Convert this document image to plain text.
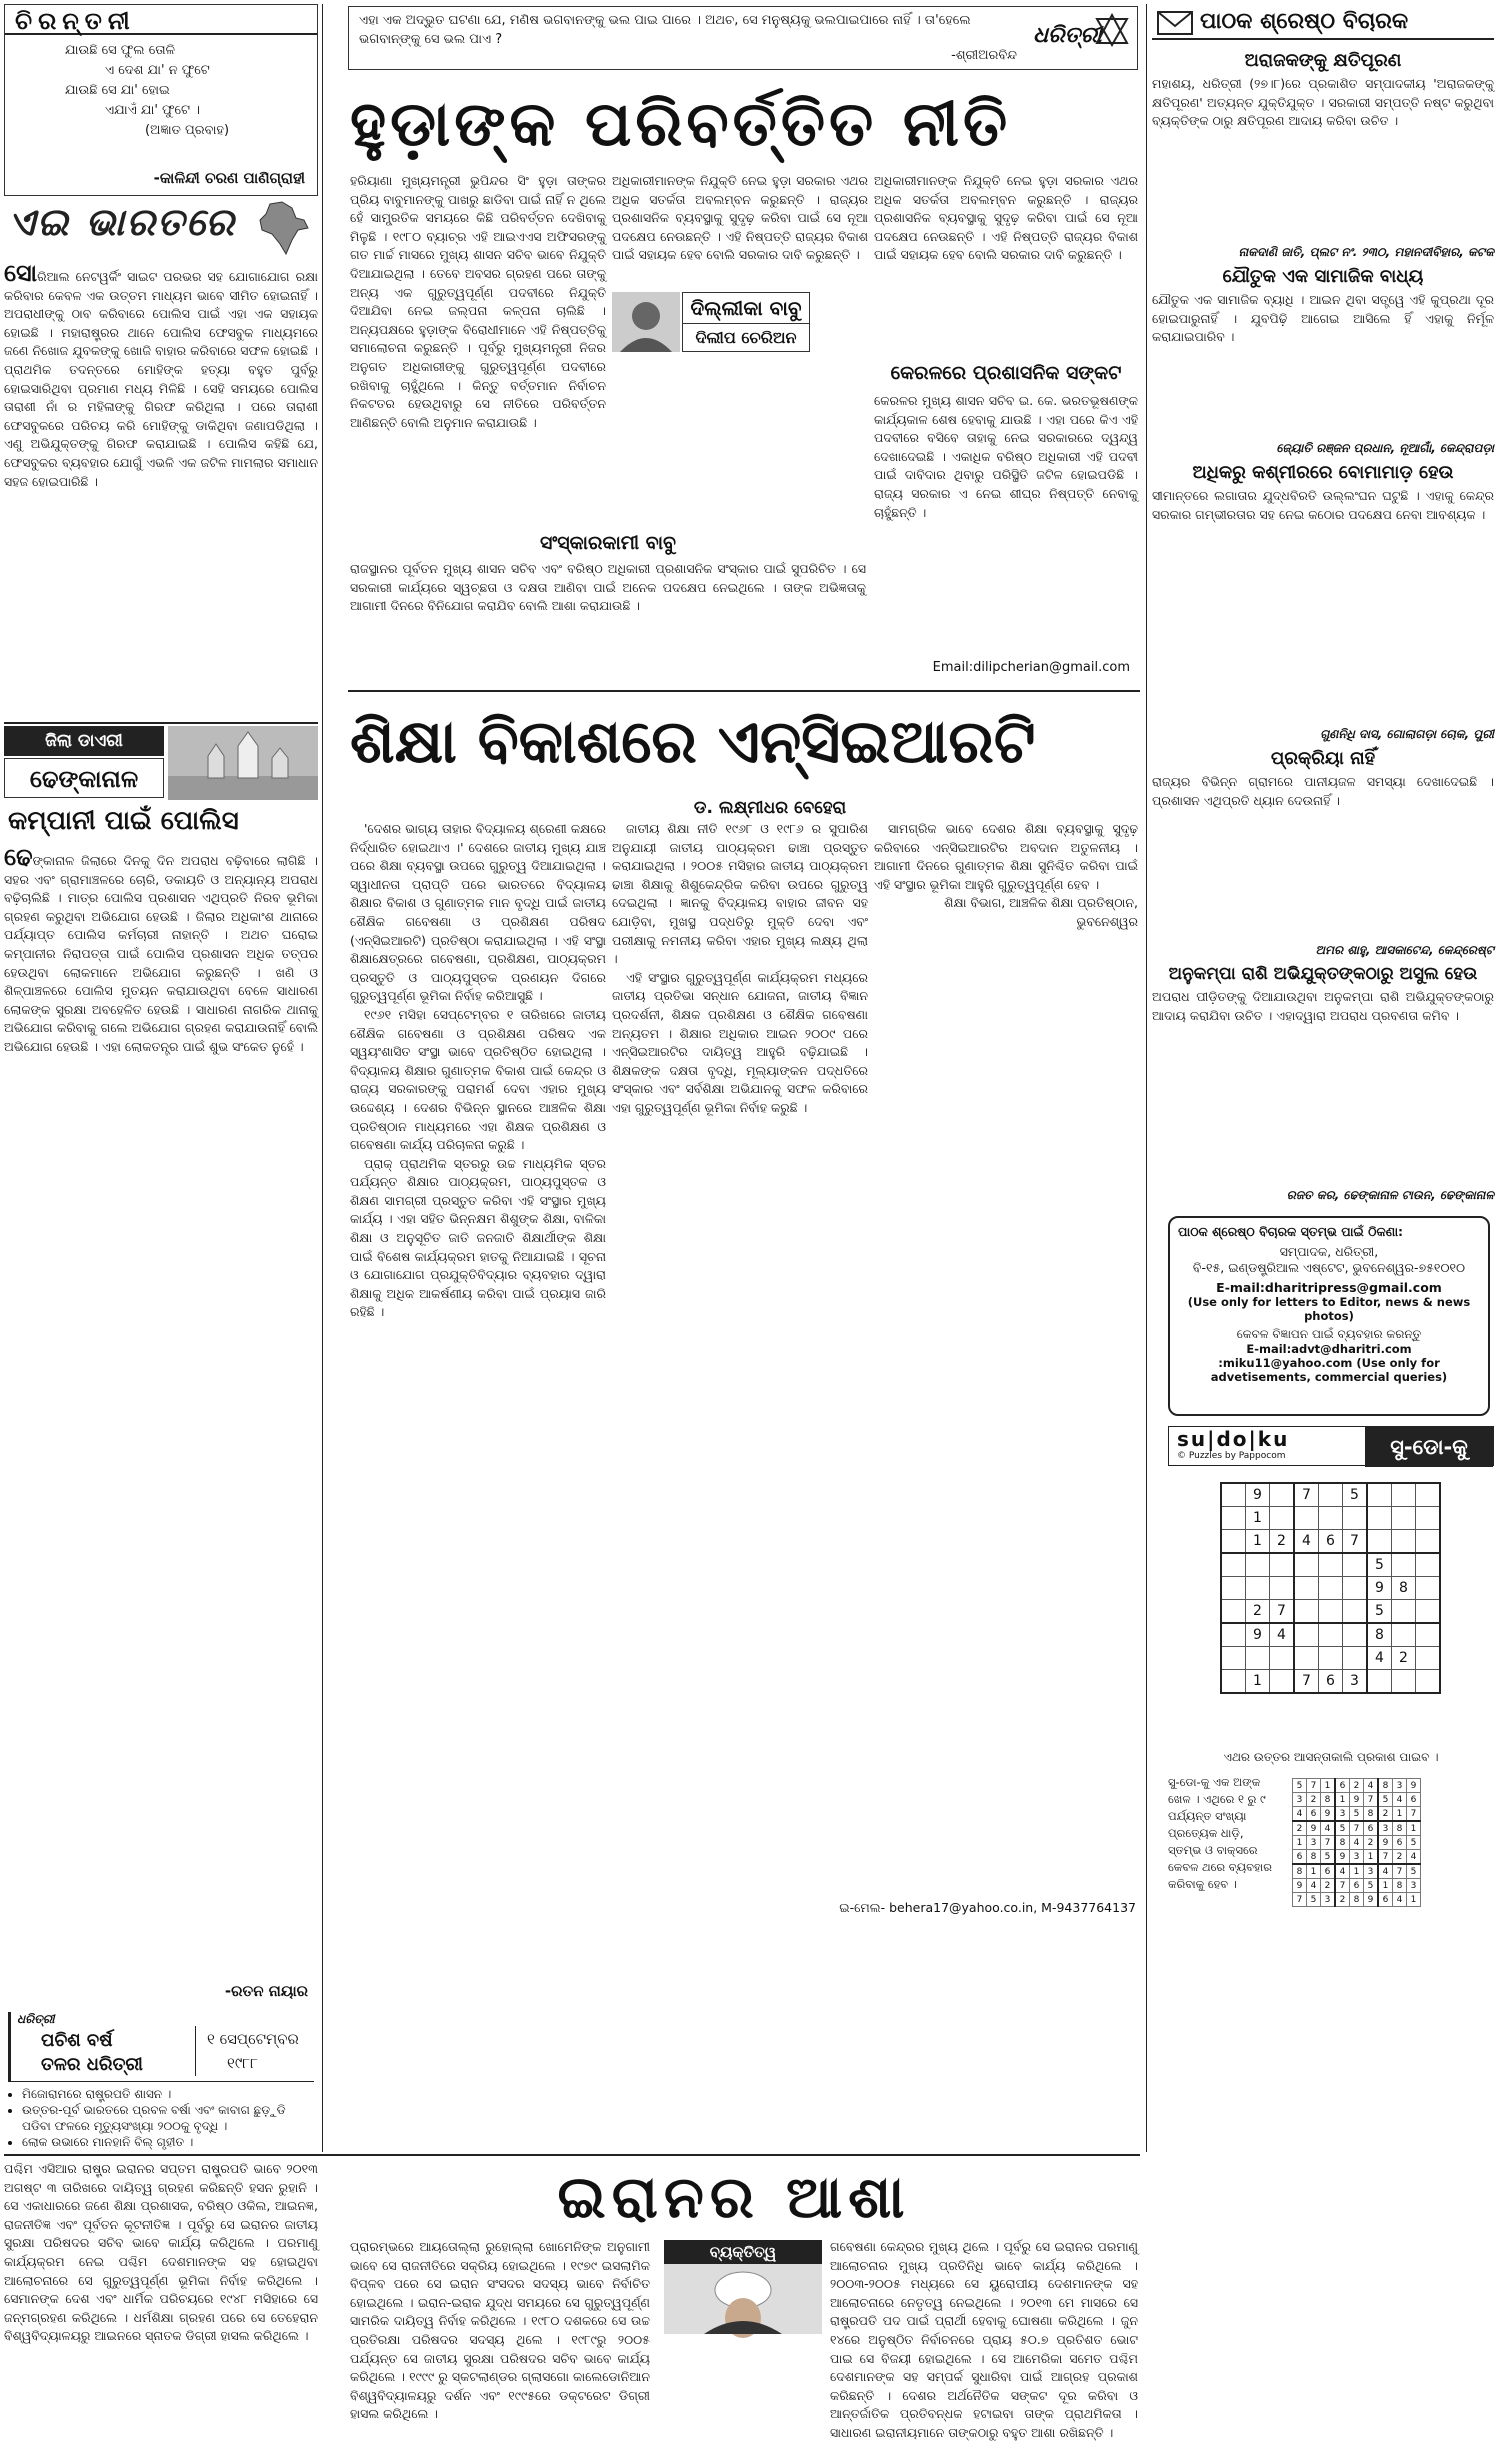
ଚିରନ୍ତନୀ
ଯାଉଛି ସେ ଫୁଲ ତୋଳି
ଏ ଦେଶ ଯା' ନ ଫୁଟେ
ଯାଉଛି ସେ ଯା' ହୋଇ
ଏଯାଏଁ ଯା' ଫୁଟେ ।
(ଅଜ୍ଞାତ ପ୍ରବାହ)
-କାଳିନ୍ଦୀ ଚରଣ ପାଣିଗ୍ରାହୀ
ଏଇ ଭାରତରେ
ସୋରିଆଲ ନେଟୱର୍କିଂ ସାଇଟ ପରଭର ସହ ଯୋଗାଯୋଗ ରକ୍ଷା କରିବାର କେବଳ ଏକ ଉତ୍ତମ ମାଧ୍ୟମ ଭାବେ ସୀମିତ ହୋଇନାହିଁ । ଅପରାଧୀଙ୍କୁ ଠାବ କରିବାରେ ପୋଲିସ ପାଇଁ ଏହା ଏକ ସହାୟକ ହୋଇଛି । ମହାରାଷ୍ଟ୍ରର ଥାନେ ପୋଲିସ ଫେସବୁକ ମାଧ୍ୟମରେ ଜଣେ ନିଖୋଜ ଯୁବକଙ୍କୁ ଖୋଜି ବାହାର କରିବାରେ ସଫଳ ହୋଇଛି । ପ୍ରାଥମିକ ତଦନ୍ତରେ ମୋହିଙ୍କ ହତ୍ୟା ବହୁତ ପୁର୍ବରୁ ହୋଇସାରିଥିବା ପ୍ରମାଣ ମଧ୍ୟ ମିଳିଛି । ସେହି ସମୟରେ ପୋଲିସ ତାରାଶୀ ନାଁ ର ମହିଳାଙ୍କୁ ଗିରଫ କରିଥିଲା । ପରେ ତାରାଶୀ ଫେସବୁକରେ ପରିଚୟ କରି ମୋହିଙ୍କୁ ଡାକିଥିବା ଜଣାପଡିଥିଲା । ଏଣୁ ଅଭିଯୁକ୍ତଙ୍କୁ ଗିରଫ କରାଯାଇଛି । ପୋଲିସ କହିଛି ଯେ, ଫେସବୁକର ବ୍ୟବହାର ଯୋଗୁଁ ଏଭଳି ଏକ ଜଟିଳ ମାମଲାର ସମାଧାନ ସହଜ ହୋଇପାରିଛି ।
ଜିଲା ଡାଏରୀ
ଢେଙ୍କାନାଳ
କମ୍ପାନୀ ପାଇଁ ପୋଲିସ
ଢେଙ୍କାନାଳ ଜିଲାରେ ଦିନକୁ ଦିନ ଅପରାଧ ବଢ଼ିବାରେ ଲାଗିଛି । ସହର ଏବଂ ଗ୍ରାମାଞ୍ଚଳରେ ଚୋରି, ଡକାୟତି ଓ ଅନ୍ୟାନ୍ୟ ଅପରାଧ ବଢ଼ିଚାଲିଛି । ମାତ୍ର ପୋଲିସ ପ୍ରଶାସନ ଏଥିପ୍ରତି ନିରବ ଭୂମିକା ଗ୍ରହଣ କରୁଥିବା ଅଭିଯୋଗ ହେଉଛି । ଜିଲାର ଅଧିକାଂଶ ଥାନାରେ ପର୍ଯ୍ୟାପ୍ତ ପୋଲିସ କର୍ମଚାରୀ ନାହାନ୍ତି । ଅଥଚ ଘରୋଇ କମ୍ପାନୀର ନିରାପତ୍ତା ପାଇଁ ପୋଲିସ ପ୍ରଶାସନ ଅଧିକ ତତ୍ପର ହେଉଥିବା ଲୋକମାନେ ଅଭିଯୋଗ କରୁଛନ୍ତି । ଖଣି ଓ ଶିଳ୍ପାଞ୍ଚଳରେ ପୋଲିସ ମୁତୟନ କରାଯାଉଥିବା ବେଳେ ସାଧାରଣ ଲୋକଙ୍କ ସୁରକ୍ଷା ଅବହେଳିତ ହେଉଛି । ସାଧାରଣ ନାଗରିକ ଥାନାକୁ ଅଭିଯୋଗ କରିବାକୁ ଗଲେ ଅଭିଯୋଗ ଗ୍ରହଣ କରାଯାଉନାହିଁ ବୋଲି ଅଭିଯୋଗ ହେଉଛି । ଏହା ଲୋକତନ୍ତ୍ର ପାଇଁ ଶୁଭ ସଂକେତ ନୁହେଁ ।
-ରତନ ନାୟାର
ଧରିତ୍ରୀ
ପଚିଶ ବର୍ଷ
ତଳର ଧରିତ୍ରୀ
୧ ସେପ୍ଟେମ୍ବର
୧୯୮୮
• ମିଜୋରାମରେ ରାଷ୍ଟ୍ରପତି ଶାସନ ।
• ଉତ୍ତର-ପୂର୍ବ ଭାରତରେ ପ୍ରବଳ ବର୍ଷା ଏବଂ କାବାଗ ଛୁଡ଼ୁଡି ପଡିବା ଫଳରେ ମୃତ୍ୟୁସଂଖ୍ୟା ୨୦୦କୁ ବୃଦ୍ଧି ।
• ଲୋକ ଉଭାରେ ମାନହାନି ବିଲ୍ ଗୃହୀତ ।
ଏହା ଏକ ଅଦ୍ଭୁତ ଘଟଣା ଯେ, ମଣିଷ ଭଗବାନଙ୍କୁ ଭଲ ପାଇ ପାରେ । ଅଥଚ, ସେ ମନୁଷ୍ୟକୁ ଭଲପାଇପାରେ ନାହିଁ । ତା'ହେଲେ ଭଗବାନ୍‌ଙ୍କୁ ସେ ଭଲ ପାଏ ?
-ଶ୍ରୀଅରବିନ୍ଦ
ଧରିତ୍ରୀ
ହୁଡ଼ାଙ୍କ ପରିବର୍ତ୍ତିତ ନୀତି
ହରିୟାଣା ମୁଖ୍ୟମନ୍ତ୍ରୀ ଭୁପିନ୍ଦର ସିଂ ହୁଡ଼ା ତାଙ୍କର ପ୍ରିୟ ବାବୁମାନଙ୍କୁ ପାଖରୁ ଛାଡିବା ପାଇଁ ନାହିଁ ନ ଥିଲେ ହେଁ ସାମ୍ପ୍ରତିକ ସମୟରେ କିଛି ପରିବର୍ତ୍ତନ ଦେଖିବାକୁ ମିଳୁଛି । ୧୯୮୦ ବ୍ୟାଚ୍‌ର ଏହି ଆଇଏଏସ ଅଫିସରଙ୍କୁ ଗତ ମାର୍ଚ୍ଚ ମାସରେ ମୁଖ୍ୟ ଶାସନ ସଚିବ ଭାବେ ନିଯୁକ୍ତି ଦିଆଯାଇଥିଲା । ତେବେ ଅବସର ଗ୍ରହଣ ପରେ ତାଙ୍କୁ ଅନ୍ୟ ଏକ ଗୁରୁତ୍ୱପୂର୍ଣ୍ଣ ପଦବୀରେ ନିଯୁକ୍ତି ଦିଆଯିବା ନେଇ ଜଲ୍ପନା କଳ୍ପନା ଚାଲିଛି । ଅନ୍ୟପକ୍ଷରେ ହୁଡ଼ାଙ୍କ ବିରୋଧୀମାନେ ଏହି ନିଷ୍ପତ୍ତିକୁ ସମାଲୋଚନା କରୁଛନ୍ତି । ପୂର୍ବରୁ ମୁଖ୍ୟମନ୍ତ୍ରୀ ନିଜର ଅନୁଗତ ଅଧିକାରୀଙ୍କୁ ଗୁରୁତ୍ୱପୂର୍ଣ୍ଣ ପଦବୀରେ ରଖିବାକୁ ଚାହୁଁଥିଲେ । କିନ୍ତୁ ବର୍ତ୍ତମାନ ନିର୍ବାଚନ ନିକଟତର ହେଉଥିବାରୁ ସେ ନୀତିରେ ପରିବର୍ତ୍ତନ ଆଣିଛନ୍ତି ବୋଲି ଅନୁମାନ କରାଯାଉଛି ।
ଦିଲ୍ଲୀକା ବାବୁ
ଦିଲୀପ ଚେରିଅନ
ଅଧିକାରୀମାନଙ୍କ ନିଯୁକ୍ତି ନେଇ ହୁଡ଼ା ସରକାର ଏଥର ଅଧିକ ସତର୍କତା ଅବଲମ୍ବନ କରୁଛନ୍ତି । ରାଜ୍ୟର ପ୍ରଶାସନିକ ବ୍ୟବସ୍ଥାକୁ ସୁଦୃଢ଼ କରିବା ପାଇଁ ସେ ନୂଆ ପଦକ୍ଷେପ ନେଉଛନ୍ତି । ଏହି ନିଷ୍ପତ୍ତି ରାଜ୍ୟର ବିକାଶ ପାଇଁ ସହାୟକ ହେବ ବୋଲି ସରକାର ଦାବି କରୁଛନ୍ତି ।
ସଂସ୍କାରକାମୀ ବାବୁ
ରାଜସ୍ଥାନର ପୂର୍ବତନ ମୁଖ୍ୟ ଶାସନ ସଚିବ ଏବଂ ବରିଷ୍ଠ ଅଧିକାରୀ ପ୍ରଶାସନିକ ସଂସ୍କାର ପାଇଁ ସୁପରିଚିତ । ସେ ସରକାରୀ କାର୍ଯ୍ୟରେ ସ୍ୱଚ୍ଛତା ଓ ଦକ୍ଷତା ଆଣିବା ପାଇଁ ଅନେକ ପଦକ୍ଷେପ ନେଇଥିଲେ । ତାଙ୍କ ଅଭିଜ୍ଞତାକୁ ଆଗାମୀ ଦିନରେ ବିନିଯୋଗ କରାଯିବ ବୋଲି ଆଶା କରାଯାଉଛି ।
ଅଧିକାରୀମାନଙ୍କ ନିଯୁକ୍ତି ନେଇ ହୁଡ଼ା ସରକାର ଏଥର ଅଧିକ ସତର୍କତା ଅବଲମ୍ବନ କରୁଛନ୍ତି । ରାଜ୍ୟର ପ୍ରଶାସନିକ ବ୍ୟବସ୍ଥାକୁ ସୁଦୃଢ଼ କରିବା ପାଇଁ ସେ ନୂଆ ପଦକ୍ଷେପ ନେଉଛନ୍ତି । ଏହି ନିଷ୍ପତ୍ତି ରାଜ୍ୟର ବିକାଶ ପାଇଁ ସହାୟକ ହେବ ବୋଲି ସରକାର ଦାବି କରୁଛନ୍ତି ।
କେରଳରେ ପ୍ରଶାସନିକ ସଙ୍କଟ
କେରଳର ମୁଖ୍ୟ ଶାସନ ସଚିବ ଇ. କେ. ଭରତଭୂଷଣଙ୍କ କାର୍ଯ୍ୟକାଳ ଶେଷ ହେବାକୁ ଯାଉଛି । ଏହା ପରେ କିଏ ଏହି ପଦବୀରେ ବସିବେ ତାହାକୁ ନେଇ ସରକାରରେ ଦ୍ୱନ୍ଦ୍ୱ ଦେଖାଦେଇଛି । ଏକାଧିକ ବରିଷ୍ଠ ଅଧିକାରୀ ଏହି ପଦବୀ ପାଇଁ ଦାବିଦାର ଥିବାରୁ ପରିସ୍ଥିତି ଜଟିଳ ହୋଇପଡିଛି । ରାଜ୍ୟ ସରକାର ଏ ନେଇ ଶୀଘ୍ର ନିଷ୍ପତ୍ତି ନେବାକୁ ଚାହୁଁଛନ୍ତି ।
Email:dilipcherian@gmail.com
ଶିକ୍ଷା ବିକାଶରେ ଏନ୍‌ସିଇଆରଟି
ଡ. ଲକ୍ଷ୍ମୀଧର ବେହେରା

'ଦେଶର ଭାଗ୍ୟ ତାହାର ବିଦ୍ୟାଳୟ ଶ୍ରେଣୀ କକ୍ଷରେ ନିର୍ଦ୍ଧାରିତ ହୋଇଥାଏ ।' ଦେଶରେ ଜାତୀୟ ମୁଖ୍ୟ ଯାଞ୍ଚ ପରେ ଶିକ୍ଷା ବ୍ୟବସ୍ଥା ଉପରେ ଗୁରୁତ୍ୱ ଦିଆଯାଇଥିଲା । ସ୍ୱାଧୀନତା ପ୍ରାପ୍ତି ପରେ ଭାରତରେ ବିଦ୍ୟାଳୟ ଶିକ୍ଷାର ବିକାଶ ଓ ଗୁଣାତ୍ମକ ମାନ ବୃଦ୍ଧି ପାଇଁ ଜାତୀୟ ଶୈକ୍ଷିକ ଗବେଷଣା ଓ ପ୍ରଶିକ୍ଷଣ ପରିଷଦ (ଏନ୍‌ସିଇଆରଟି) ପ୍ରତିଷ୍ଠା କରାଯାଇଥିଲା । ଏହି ସଂସ୍ଥା ଶିକ୍ଷାକ୍ଷେତ୍ରରେ ଗବେଷଣା, ପ୍ରଶିକ୍ଷଣ, ପାଠ୍ୟକ୍ରମ ପ୍ରସ୍ତୁତି ଓ ପାଠ୍ୟପୁସ୍ତକ ପ୍ରଣୟନ ଦିଗରେ ଗୁରୁତ୍ୱପୂର୍ଣ୍ଣ ଭୂମିକା ନିର୍ବାହ କରିଆସୁଛି ।

୧୯୬୧ ମସିହା ସେପ୍ଟେମ୍ବର ୧ ତାରିଖରେ ଜାତୀୟ ଶୈକ୍ଷିକ ଗବେଷଣା ଓ ପ୍ରଶିକ୍ଷଣ ପରିଷଦ ଏକ ସ୍ୱୟଂଶାସିତ ସଂସ୍ଥା ଭାବେ ପ୍ରତିଷ୍ଠିତ ହୋଇଥିଲା । ବିଦ୍ୟାଳୟ ଶିକ୍ଷାର ଗୁଣାତ୍ମକ ବିକାଶ ପାଇଁ କେନ୍ଦ୍ର ଓ ରାଜ୍ୟ ସରକାରଙ୍କୁ ପରାମର୍ଶ ଦେବା ଏହାର ମୁଖ୍ୟ ଉଦ୍ଦେଶ୍ୟ । ଦେଶର ବିଭିନ୍ନ ସ୍ଥାନରେ ଆଞ୍ଚଳିକ ଶିକ୍ଷା ପ୍ରତିଷ୍ଠାନ ମାଧ୍ୟମରେ ଏହା ଶିକ୍ଷକ ପ୍ରଶିକ୍ଷଣ ଓ ଗବେଷଣା କାର୍ଯ୍ୟ ପରିଚାଳନା କରୁଛି ।

ପ୍ରାକ୍ ପ୍ରାଥମିକ ସ୍ତରରୁ ଉଚ୍ଚ ମାଧ୍ୟମିକ ସ୍ତର ପର୍ଯ୍ୟନ୍ତ ଶିକ୍ଷାର ପାଠ୍ୟକ୍ରମ, ପାଠ୍ୟପୁସ୍ତକ ଓ ଶିକ୍ଷଣ ସାମଗ୍ରୀ ପ୍ରସ୍ତୁତ କରିବା ଏହି ସଂସ୍ଥାର ମୁଖ୍ୟ କାର୍ଯ୍ୟ । ଏହା ସହିତ ଭିନ୍ନକ୍ଷମ ଶିଶୁଙ୍କ ଶିକ୍ଷା, ବାଳିକା ଶିକ୍ଷା ଓ ଅନୁସୂଚିତ ଜାତି ଜନଜାତି ଶିକ୍ଷାର୍ଥୀଙ୍କ ଶିକ୍ଷା ପାଇଁ ବିଶେଷ କାର୍ଯ୍ୟକ୍ରମ ହାତକୁ ନିଆଯାଇଛି । ସୂଚନା ଓ ଯୋଗାଯୋଗ ପ୍ରଯୁକ୍ତିବିଦ୍ୟାର ବ୍ୟବହାର ଦ୍ୱାରା ଶିକ୍ଷାକୁ ଅଧିକ ଆକର୍ଷଣୀୟ କରିବା ପାଇଁ ପ୍ରୟାସ ଜାରି ରହିଛି ।

ଜାତୀୟ ଶିକ୍ଷା ନୀତି ୧୯୬୮ ଓ ୧୯୮୬ ର ସୁପାରିଶ ଅନୁଯାୟୀ ଜାତୀୟ ପାଠ୍ୟକ୍ରମ ଢାଞ୍ଚା ପ୍ରସ୍ତୁତ କରାଯାଇଥିଲା । ୨୦୦୫ ମସିହାର ଜାତୀୟ ପାଠ୍ୟକ୍ରମ ଢାଞ୍ଚା ଶିକ୍ଷାକୁ ଶିଶୁକେନ୍ଦ୍ରିକ କରିବା ଉପରେ ଗୁରୁତ୍ୱ ଦେଇଥିଲା । ଜ୍ଞାନକୁ ବିଦ୍ୟାଳୟ ବାହାର ଜୀବନ ସହ ଯୋଡ଼ିବା, ମୁଖସ୍ଥ ପଦ୍ଧତିରୁ ମୁକ୍ତି ଦେବା ଏବଂ ପରୀକ୍ଷାକୁ ନମନୀୟ କରିବା ଏହାର ମୁଖ୍ୟ ଲକ୍ଷ୍ୟ ଥିଲା ।

ଏହି ସଂସ୍ଥାର ଗୁରୁତ୍ୱପୂର୍ଣ୍ଣ କାର୍ଯ୍ୟକ୍ରମ ମଧ୍ୟରେ ଜାତୀୟ ପ୍ରତିଭା ସନ୍ଧାନ ଯୋଜନା, ଜାତୀୟ ବିଜ୍ଞାନ ପ୍ରଦର୍ଶନୀ, ଶିକ୍ଷକ ପ୍ରଶିକ୍ଷଣ ଓ ଶୈକ୍ଷିକ ଗବେଷଣା ଅନ୍ୟତମ । ଶିକ୍ଷାର ଅଧିକାର ଆଇନ ୨୦୦୯ ପରେ ଏନ୍‌ସିଇଆରଟିର ଦାୟିତ୍ୱ ଆହୁରି ବଢ଼ିଯାଇଛି । ଶିକ୍ଷକଙ୍କ ଦକ୍ଷତା ବୃଦ୍ଧି, ମୂଲ୍ୟାଙ୍କନ ପଦ୍ଧତିରେ ସଂସ୍କାର ଏବଂ ସର୍ବଶିକ୍ଷା ଅଭିଯାନକୁ ସଫଳ କରିବାରେ ଏହା ଗୁରୁତ୍ୱପୂର୍ଣ୍ଣ ଭୂମିକା ନିର୍ବାହ କରୁଛି ।

ସାମଗ୍ରିକ ଭାବେ ଦେଶର ଶିକ୍ଷା ବ୍ୟବସ୍ଥାକୁ ସୁଦୃଢ଼ କରିବାରେ ଏନ୍‌ସିଇଆରଟିର ଅବଦାନ ଅତୁଳନୀୟ । ଆଗାମୀ ଦିନରେ ଗୁଣାତ୍ମକ ଶିକ୍ଷା ସୁନିଶ୍ଚିତ କରିବା ପାଇଁ ଏହି ସଂସ୍ଥାର ଭୂମିକା ଆହୁରି ଗୁରୁତ୍ୱପୂର୍ଣ୍ଣ ହେବ ।

ଶିକ୍ଷା ବିଭାଗ, ଆଞ୍ଚଳିକ ଶିକ୍ଷା ପ୍ରତିଷ୍ଠାନ, ଭୁବନେଶ୍ୱର

ଇ-ମେଲ- behera17@yahoo.co.in, M-9437764137
ପାଠକ ଶ୍ରେଷ୍ଠ ବିଚାରକ
ଅରାଜକଙ୍କୁ କ୍ଷତିପୂରଣ
ମହାଶୟ, ଧରିତ୍ରୀ (୨୭।୮)ରେ ପ୍ରକାଶିତ ସମ୍ପାଦକୀୟ 'ଅରାଜକଙ୍କୁ କ୍ଷତିପୂରଣ' ଅତ୍ୟନ୍ତ ଯୁକ୍ତିଯୁକ୍ତ । ସରକାରୀ ସମ୍ପତ୍ତି ନଷ୍ଟ କରୁଥିବା ବ୍ୟକ୍ତିଙ୍କ ଠାରୁ କ୍ଷତିପୂରଣ ଆଦାୟ କରିବା ଉଚିତ ।
ନାକଦାଣି ଜାତି, ପ୍ଲଟ ନଂ. ୨୩୦, ମହାନଦୀବିହାର, କଟକ
ଯୌତୁକ ଏକ ସାମାଜିକ ବାଧ୍ୟ
ଯୌତୁକ ଏକ ସାମାଜିକ ବ୍ୟାଧି । ଆଇନ ଥିବା ସତ୍ତ୍ୱେ ଏହି କୁପ୍ରଥା ଦୂର ହୋଇପାରୁନାହିଁ । ଯୁବପିଢ଼ି ଆଗେଇ ଆସିଲେ ହିଁ ଏହାକୁ ନିର୍ମୂଳ କରାଯାଇପାରିବ ।
ଜ୍ୟୋତି ରଞ୍ଜନ ପ୍ରଧାନ, ନୂଆଗାଁ, କେନ୍ଦ୍ରାପଡ଼ା
ଅଧିକରୁ କଶ୍ମୀରରେ ବୋମାମାଡ଼ ହେଉ
ସୀମାନ୍ତରେ ଲଗାତାର ଯୁଦ୍ଧବିରତି ଉଲ୍ଲଂଘନ ଘଟୁଛି । ଏହାକୁ କେନ୍ଦ୍ର ସରକାର ଗମ୍ଭୀରତାର ସହ ନେଇ କଠୋର ପଦକ୍ଷେପ ନେବା ଆବଶ୍ୟକ ।
ଗୁଣନିଧି ଦାସ, ଗୋଲାଗଡ଼ା ଚୋକ, ପୁରୀ
ପ୍ରକ୍ରିୟା ନାହିଁ
ରାଜ୍ୟର ବିଭିନ୍ନ ଗ୍ରାମରେ ପାନୀୟଜଳ ସମସ୍ୟା ଦେଖାଦେଇଛି । ପ୍ରଶାସନ ଏଥିପ୍ରତି ଧ୍ୟାନ ଦେଉନାହିଁ ।
ଅମର ଶାହୁ, ଆସକାଟେନ୍ଦ, କେନ୍ଦ୍ରେଷ୍ଟ
ଅନୁକମ୍ପା ରାଶି ଅଭିଯୁକ୍ତଙ୍କଠାରୁ ଅସୁଲ ହେଉ
ଅପରାଧ ପୀଡ଼ିତଙ୍କୁ ଦିଆଯାଉଥିବା ଅନୁକମ୍ପା ରାଶି ଅଭିଯୁକ୍ତଙ୍କଠାରୁ ଆଦାୟ କରାଯିବା ଉଚିତ । ଏହାଦ୍ୱାରା ଅପରାଧ ପ୍ରବଣତା କମିବ ।
ରଜତ କର, ଢେଙ୍କାନାଳ ଟାଉନ, ଢେଙ୍କାନାଳ
ପାଠକ ଶ୍ରେଷ୍ଠ ବିଚାରକ ସ୍ତମ୍ଭ ପାଇଁ ଠିକଣା:
ସମ୍ପାଦକ, ଧରିତ୍ରୀ,
ବି-୧୫, ଇଣ୍ଡଷ୍ଟ୍ରିଆଲ ଏଷ୍ଟେଟ, ଭୁବନେଶ୍ୱର-୭୫୧୦୧୦
E-mail:dharitripress@gmail.com
(Use only for letters to Editor, news & news photos)
କେବଳ ବିଜ୍ଞାପନ ପାଇଁ ବ୍ୟବହାର କରନ୍ତୁ
E-mail:advt@dharitri.com :miku11@yahoo.com (Use only for advetisements, commercial queries)
su|do|ku
© Puzzles by Pappocom	ସୁ-ଡୋ-କୁ
	9		7		5			
	1							
	1	2	4	6	7			
						5		
						9	8	
	2	7				5		
	9	4				8		
						4	2	
	1		7	6	3			
ଏଥର ଉତ୍ତର ଆସନ୍ତାକାଲି ପ୍ରକାଶ ପାଇବ ।
ସୁ-ଡୋ-କୁ ଏକ ଅଙ୍କ ଖେଳ । ଏଥିରେ ୧ ରୁ ୯ ପର୍ଯ୍ୟନ୍ତ ସଂଖ୍ୟା ପ୍ରତ୍ୟେକ ଧାଡ଼ି, ସ୍ତମ୍ଭ ଓ ବାକ୍ସରେ କେବଳ ଥରେ ବ୍ୟବହାର କରିବାକୁ ହେବ ।
5	7	1	6	2	4	8	3	9
3	2	8	1	9	7	5	4	6
4	6	9	3	5	8	2	1	7
2	9	4	5	7	6	3	8	1
1	3	7	8	4	2	9	6	5
6	8	5	9	3	1	7	2	4
8	1	6	4	1	3	4	7	5
9	4	2	7	6	5	1	8	3
7	5	3	2	8	9	6	4	1
ଇରାନର ଆଶା
ପଶ୍ଚିମ ଏସିଆର ରାଷ୍ଟ୍ର ଇରାନର ସପ୍ତମ ରାଷ୍ଟ୍ରପତି ଭାବେ ୨୦୧୩ ଅଗଷ୍ଟ ୩ ତାରିଖରେ ଦାୟିତ୍ୱ ଗ୍ରହଣ କରିଛନ୍ତି ହସନ ରୁହାନି । ସେ ଏକାଧାରରେ ଜଣେ ଶିକ୍ଷା ପ୍ରଶାସକ, ବରିଷ୍ଠ ଓକିଲ, ଆଇନଜ୍ଞ, ରାଜନୀତିଜ୍ଞ ଏବଂ ପୂର୍ବତନ କୂଟନୀତିଜ୍ଞ । ପୂର୍ବରୁ ସେ ଇରାନର ଜାତୀୟ ସୁରକ୍ଷା ପରିଷଦର ସଚିବ ଭାବେ କାର୍ଯ୍ୟ କରିଥିଲେ । ପରମାଣୁ କାର୍ଯ୍ୟକ୍ରମ ନେଇ ପଶ୍ଚିମ ଦେଶମାନଙ୍କ ସହ ହୋଇଥିବା ଆଲୋଚନାରେ ସେ ଗୁରୁତ୍ୱପୂର୍ଣ୍ଣ ଭୂମିକା ନିର୍ବାହ କରିଥିଲେ । ସେମାନଙ୍କ ଦେଶ ଏବଂ ଧାର୍ମିକ ପରିଚୟରେ ୧୯୪୮ ମସିହାରେ ସେ ଜନ୍ମଗ୍ରହଣ କରିଥିଲେ । ଧର୍ମଶିକ୍ଷା ଗ୍ରହଣ ପରେ ସେ ତେହେରାନ ବିଶ୍ୱବିଦ୍ୟାଳୟରୁ ଆଇନରେ ସ୍ନାତକ ଡିଗ୍ରୀ ହାସଲ କରିଥିଲେ ।
ପ୍ରାରମ୍ଭରେ ଆୟତୋଲ୍ଲା ରୁହୋଲ୍ଲା ଖୋମେନିଙ୍କ ଅନୁଗାମୀ ଭାବେ ସେ ରାଜନୀତିରେ ସକ୍ରିୟ ହୋଇଥିଲେ । ୧୯୭୯ ଇସଲାମିକ ବିପ୍ଳବ ପରେ ସେ ଇରାନ ସଂସଦର ସଦସ୍ୟ ଭାବେ ନିର୍ବାଚିତ ହୋଇଥିଲେ । ଇରାନ-ଇରାକ ଯୁଦ୍ଧ ସମୟରେ ସେ ଗୁରୁତ୍ୱପୂର୍ଣ୍ଣ ସାମରିକ ଦାୟିତ୍ୱ ନିର୍ବାହ କରିଥିଲେ । ୧୯୮୦ ଦଶକରେ ସେ ଉଚ୍ଚ ପ୍ରତିରକ୍ଷା ପରିଷଦର ସଦସ୍ୟ ଥିଲେ । ୧୯୮୯ରୁ ୨୦୦୫ ପର୍ଯ୍ୟନ୍ତ ସେ ଜାତୀୟ ସୁରକ୍ଷା ପରିଷଦର ସଚିବ ଭାବେ କାର୍ଯ୍ୟ କରିଥିଲେ । ୧୯୯୯ ରୁ ସ୍କଟଲାଣ୍ଡର ଗ୍ଲାସଗୋ କାଲେଡୋନିଆନ ବିଶ୍ୱବିଦ୍ୟାଳୟରୁ ଦର୍ଶନ ଏବଂ ୧୯୯୫ରେ ଡକ୍ଟରେଟ ଡିଗ୍ରୀ ହାସଲ କରିଥିଲେ ।
ବ୍ୟକ୍ତିତ୍ୱ	ଗବେଷଣା କେନ୍ଦ୍ରର ମୁଖ୍ୟ ଥିଲେ । ପୂର୍ବରୁ ସେ ଇରାନର ପରମାଣୁ ଆଲୋଚନାର ମୁଖ୍ୟ ପ୍ରତିନିଧି ଭାବେ କାର୍ଯ୍ୟ କରିଥିଲେ । ୨୦୦୩-୨୦୦୫ ମଧ୍ୟରେ ସେ ୟୁରୋପୀୟ ଦେଶମାନଙ୍କ ସହ ଆଲୋଚନାରେ ନେତୃତ୍ୱ ନେଇଥିଲେ । ୨୦୧୩ ମେ ମାସରେ ସେ ରାଷ୍ଟ୍ରପତି ପଦ ପାଇଁ ପ୍ରାର୍ଥୀ ହେବାକୁ ଘୋଷଣା କରିଥିଲେ । ଜୁନ ୧୪ରେ ଅନୁଷ୍ଠିତ ନିର୍ବାଚନରେ ପ୍ରାୟ ୫୦.୭ ପ୍ରତିଶତ ଭୋଟ ପାଇ ସେ ବିଜୟୀ ହୋଇଥିଲେ । ସେ ଆମେରିକା ସମେତ ପଶ୍ଚିମ ଦେଶମାନଙ୍କ ସହ ସମ୍ପର୍କ ସୁଧାରିବା ପାଇଁ ଆଗ୍ରହ ପ୍ରକାଶ କରିଛନ୍ତି । ଦେଶର ଅର୍ଥନୈତିକ ସଙ୍କଟ ଦୂର କରିବା ଓ ଆନ୍ତର୍ଜାତିକ ପ୍ରତିବନ୍ଧକ ହଟାଇବା ତାଙ୍କ ପ୍ରାଥମିକତା । ସାଧାରଣ ଇରାନୀୟମାନେ ତାଙ୍କଠାରୁ ବହୁତ ଆଶା ରଖିଛନ୍ତି ।
